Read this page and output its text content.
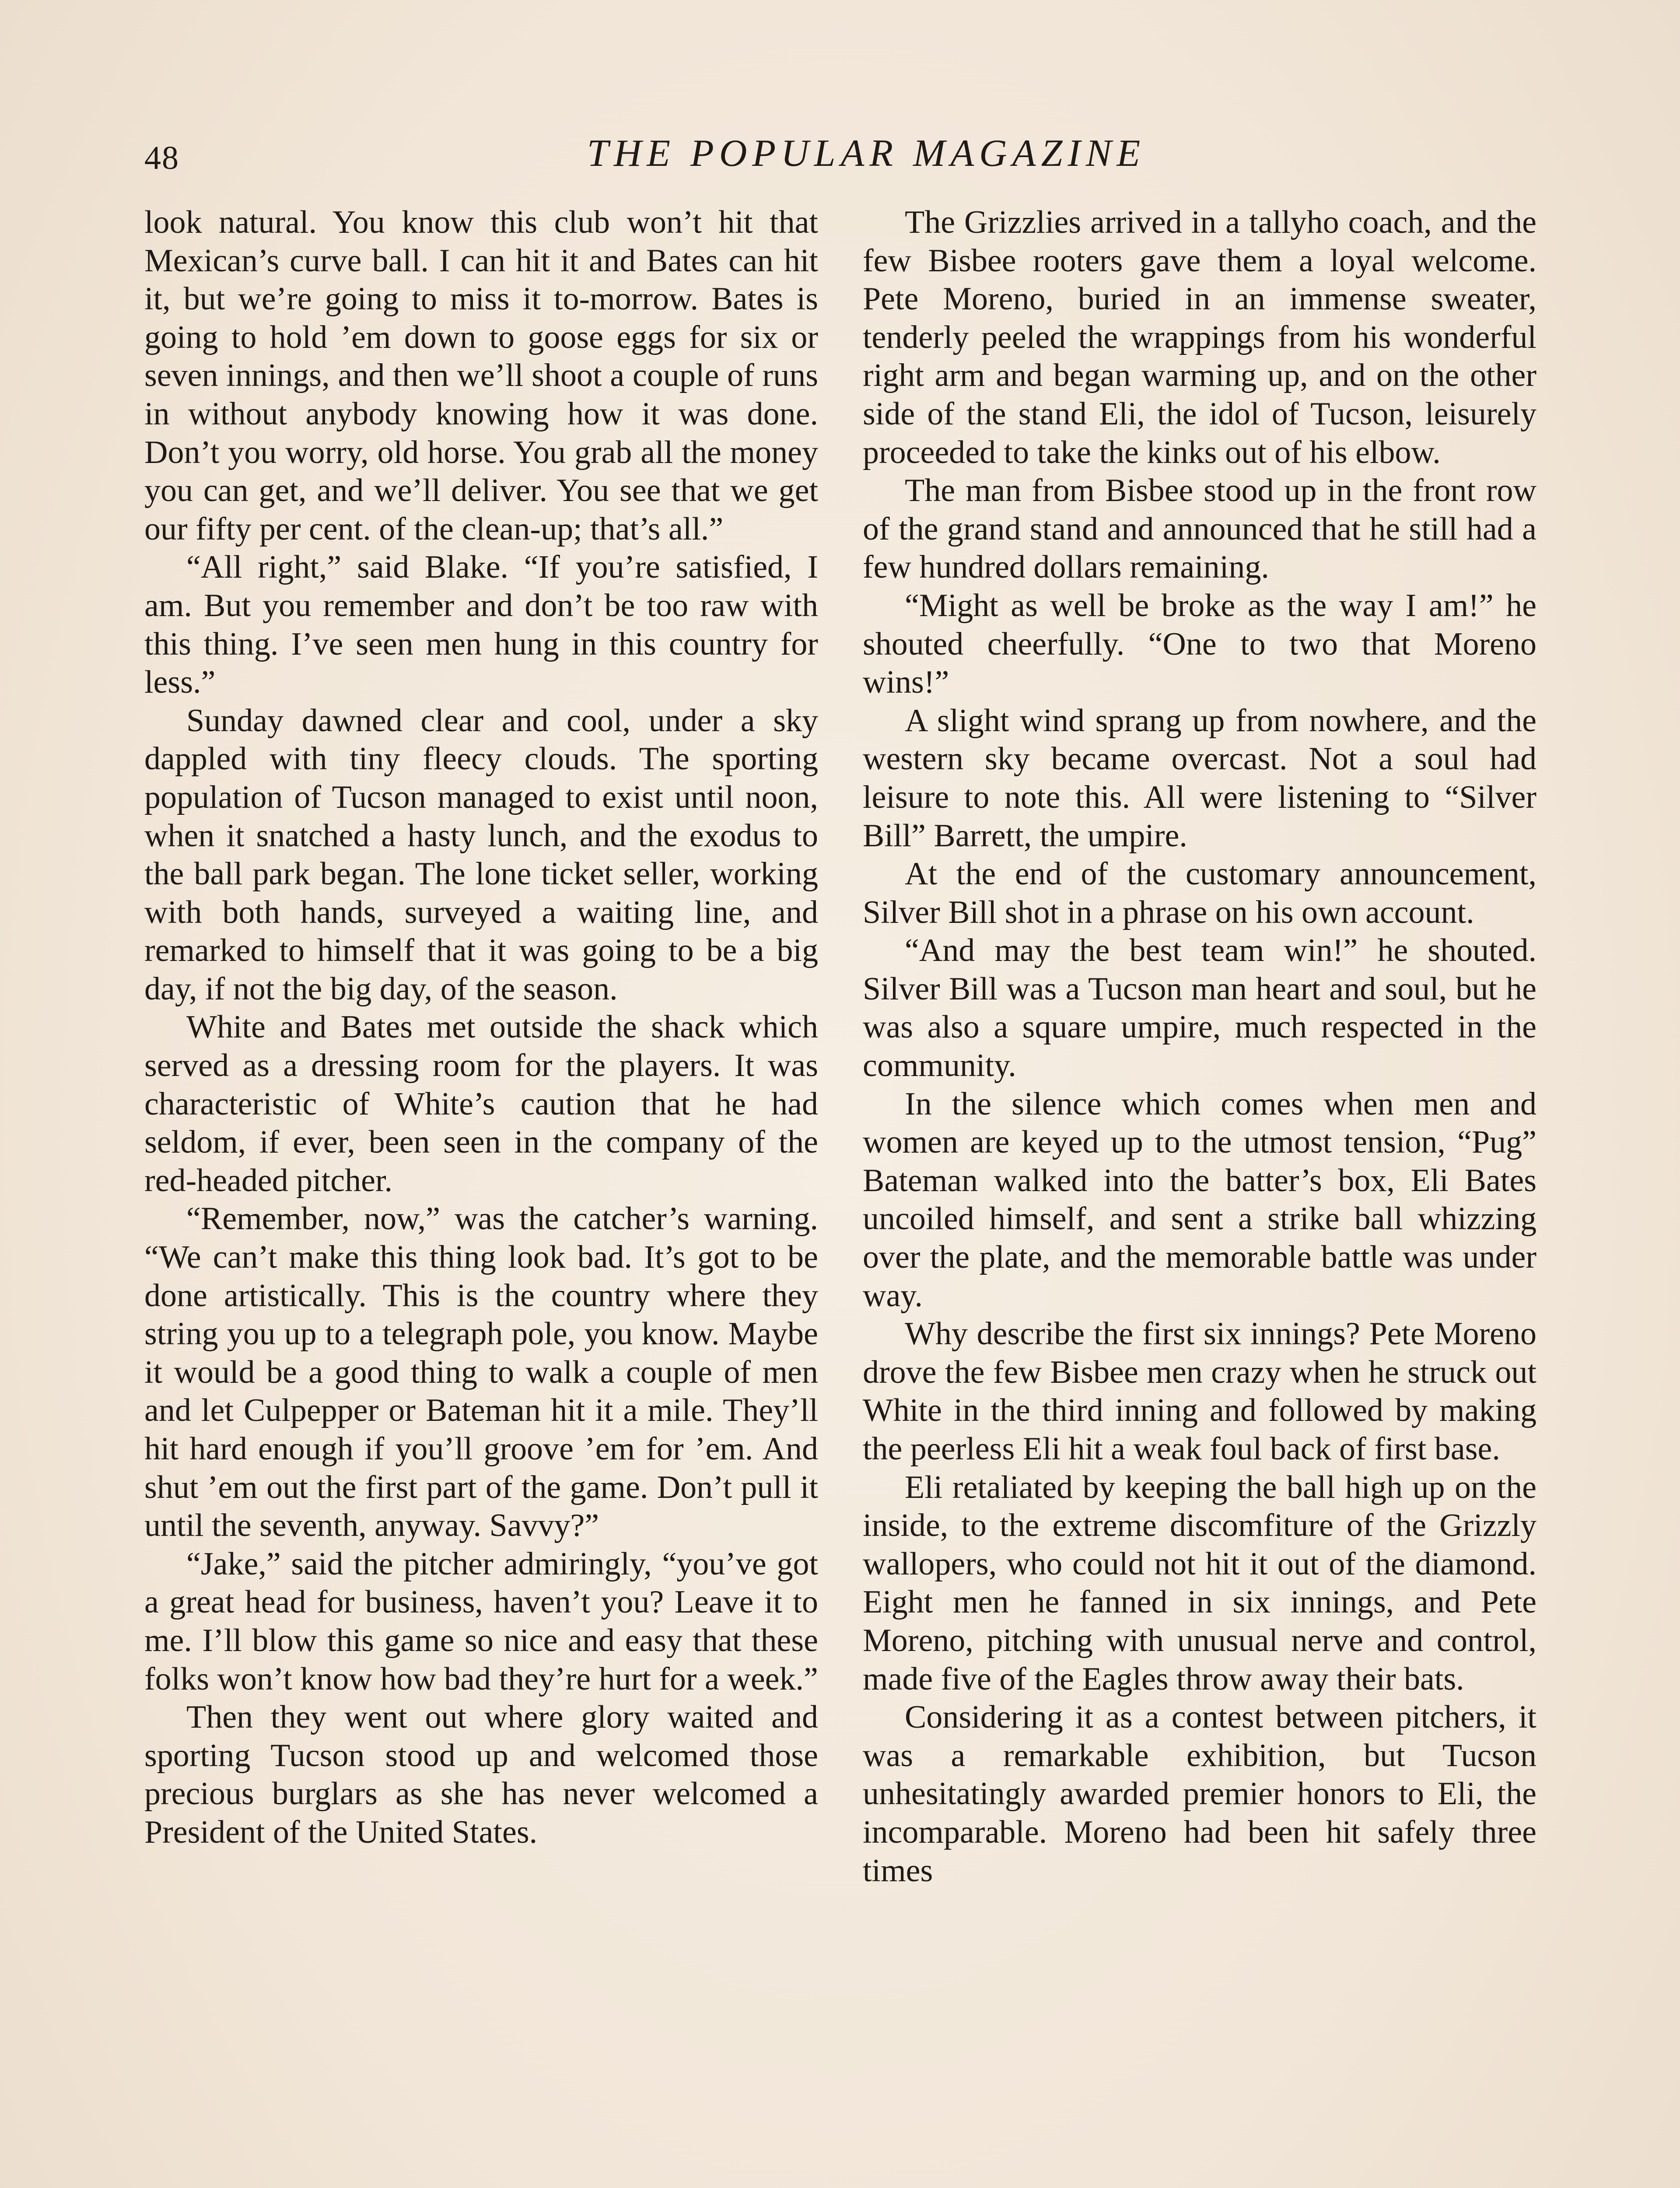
48	THE POPULAR MAGAZINE

look natural. You know this club won’t hit that Mexican’s curve ball. I can hit it and Bates can hit it, but we’re going to miss it to-morrow. Bates is going to hold ’em down to goose eggs for six or seven innings, and then we’ll shoot a couple of runs in without anybody knowing how it was done. Don’t you worry, old horse. You grab all the money you can get, and we’ll deliver. You see that we get our fifty per cent. of the clean-up; that’s all.”

“All right,” said Blake. “If you’re satisfied, I am. But you remember and don’t be too raw with this thing. I’ve seen men hung in this country for less.”

Sunday dawned clear and cool, under a sky dappled with tiny fleecy clouds. The sporting population of Tucson managed to exist until noon, when it snatched a hasty lunch, and the exodus to the ball park began. The lone ticket seller, working with both hands, surveyed a waiting line, and remarked to himself that it was going to be a big day, if not the big day, of the season.

White and Bates met outside the shack which served as a dressing room for the players. It was characteristic of White’s caution that he had seldom, if ever, been seen in the company of the red-headed pitcher.

“Remember, now,” was the catcher’s warning. “We can’t make this thing look bad. It’s got to be done artistically. This is the country where they string you up to a telegraph pole, you know. Maybe it would be a good thing to walk a couple of men and let Culpepper or Bateman hit it a mile. They’ll hit hard enough if you’ll groove ’em for ’em. And shut ’em out the first part of the game. Don’t pull it until the seventh, anyway. Savvy?”

“Jake,” said the pitcher admiringly, “you’ve got a great head for business, haven’t you? Leave it to me. I’ll blow this game so nice and easy that these folks won’t know how bad they’re hurt for a week.”

Then they went out where glory waited and sporting Tucson stood up and welcomed those precious burglars as she has never welcomed a President of the United States.

The Grizzlies arrived in a tallyho coach, and the few Bisbee rooters gave them a loyal welcome. Pete Moreno, buried in an immense sweater, tenderly peeled the wrappings from his wonderful right arm and began warming up, and on the other side of the stand Eli, the idol of Tucson, leisurely proceeded to take the kinks out of his elbow.

The man from Bisbee stood up in the front row of the grand stand and announced that he still had a few hundred dollars remaining.

“Might as well be broke as the way I am!” he shouted cheerfully. “One to two that Moreno wins!”

A slight wind sprang up from nowhere, and the western sky became overcast. Not a soul had leisure to note this. All were listening to “Silver Bill” Barrett, the umpire.

At the end of the customary announcement, Silver Bill shot in a phrase on his own account.

“And may the best team win!” he shouted. Silver Bill was a Tucson man heart and soul, but he was also a square umpire, much respected in the community.

In the silence which comes when men and women are keyed up to the utmost tension, “Pug” Bateman walked into the batter’s box, Eli Bates uncoiled himself, and sent a strike ball whizzing over the plate, and the memorable battle was under way.

Why describe the first six innings? Pete Moreno drove the few Bisbee men crazy when he struck out White in the third inning and followed by making the peerless Eli hit a weak foul back of first base.

Eli retaliated by keeping the ball high up on the inside, to the extreme discomfiture of the Grizzly wallopers, who could not hit it out of the diamond. Eight men he fanned in six innings, and Pete Moreno, pitching with unusual nerve and control, made five of the Eagles throw away their bats.

Considering it as a contest between pitchers, it was a remarkable exhibition, but Tucson unhesitatingly awarded premier honors to Eli, the incomparable. Moreno had been hit safely three times
